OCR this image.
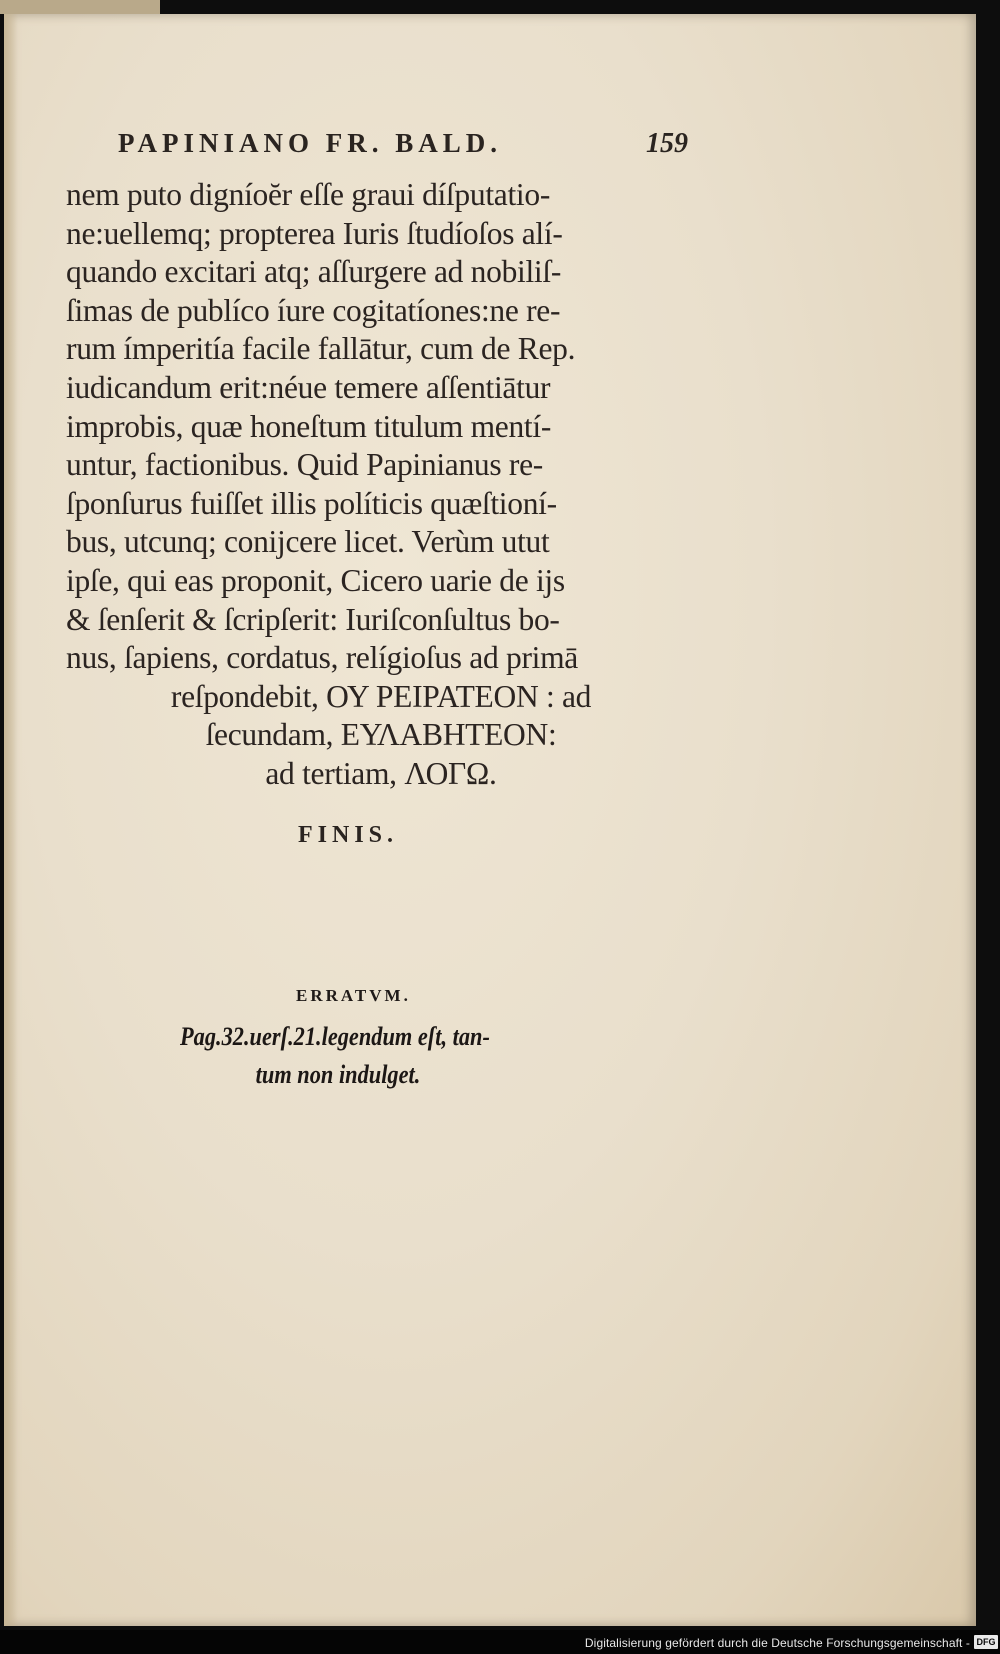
PAPINIANO FR. BALD.	159
nem puto digníoĕr eſſe graui díſputatio-
ne:uellemq; propterea Iuris ſtudíoſos alí-
quando excitari atq; aſſurgere ad nobiliſ-
ſimas de publíco íure cogitatíones:ne re-
rum ímperitía facile fallātur, cum de Rep.
iudicandum erit:néue temere aſſentiātur
improbis, quæ honeſtum titulum mentí-
untur, factionibus. Quid Papinianus re-
ſponſurus fuiſſet illis políticis quæſtioní-
bus, utcunq; conijcere licet. Verùm utut
ipſe, qui eas proponit, Cicero uarie de ijs
& ſenſerit & ſcripſerit: Iuriſconſultus bo-
nus, ſapiens, cordatus, relígioſus ad primā
reſpondebit, ΟΥ ΡΕΙΡΑΤΕΟΝ : ad
ſecundam, ΕΥΛΑΒΗΤΕΟΝ:
ad tertiam, ΛΟΓΩ.
FINIS.
ERRATVM.
Pag.32.uerſ.21.legendum eſt, tan-
tum non indulget.
Digitalisierung gefördert durch die Deutsche Forschungsgemeinschaft - DFG
